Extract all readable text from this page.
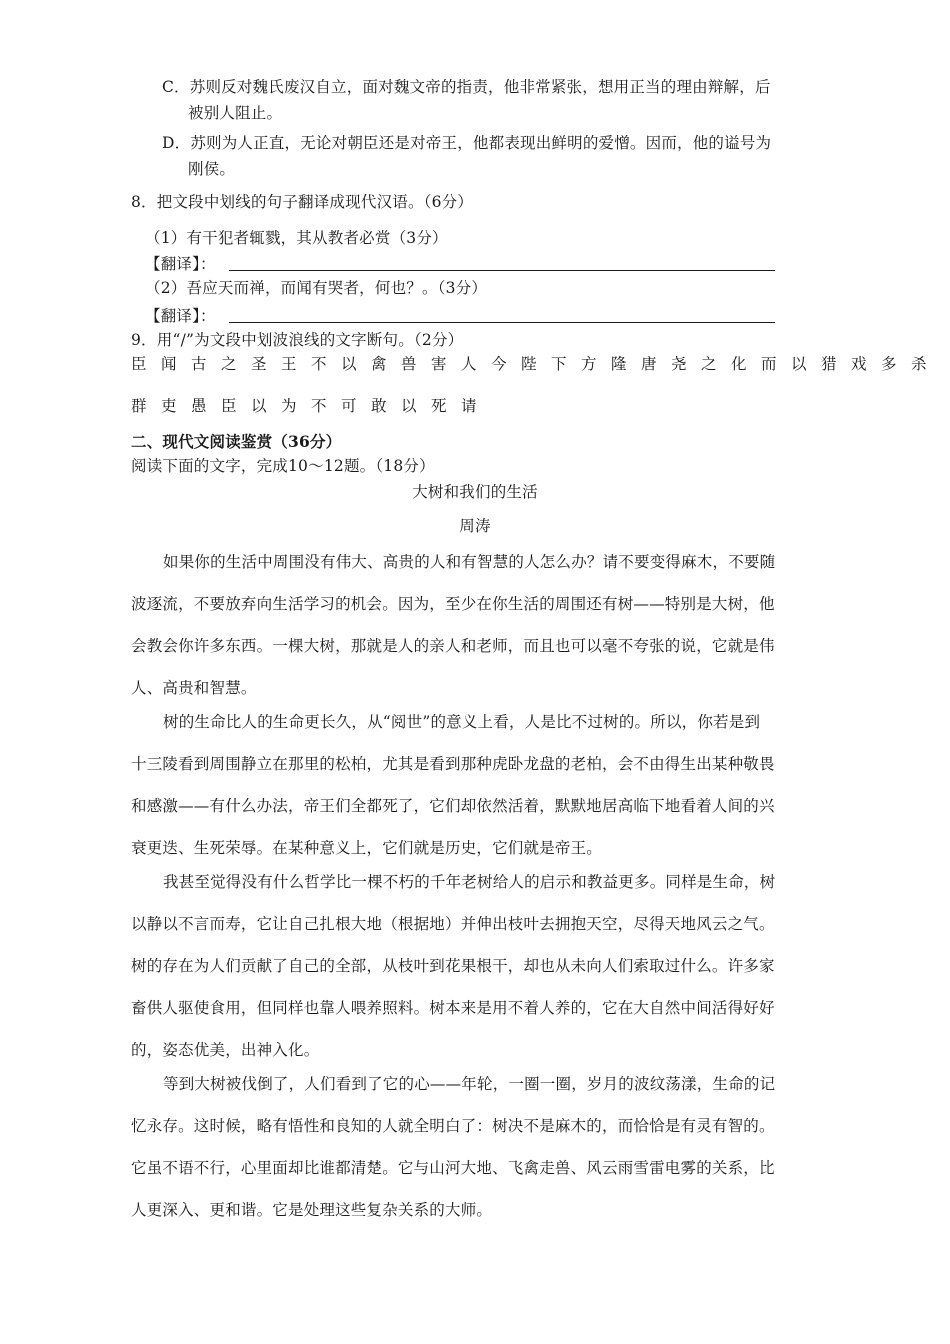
C．苏则反对魏氏废汉自立，面对魏文帝的指责，他非常紧张，想用正当的理由辩解，后
被别人阻止。
D．苏则为人正直，无论对朝臣还是对帝王，他都表现出鲜明的爱憎。因而，他的谥号为
刚侯。
8．把文段中划线的句子翻译成现代汉语。（6分）
（1）有干犯者辄戮，其从教者必赏（3分）
【翻译】：
（2）吾应天而禅，而闻有哭者，何也？。（3分）
【翻译】：
9．用“/”为文段中划波浪线的文字断句。（2分）
臣闻古之圣王不以禽兽害人今陛下方隆唐尧之化而以猎戏多杀
群吏愚臣以为不可敢以死请
二、现代文阅读鉴赏（36分）
阅读下面的文字，完成10～12题。（18分）
大树和我们的生活
周涛
如果你的生活中周围没有伟大、高贵的人和有智慧的人怎么办？请不要变得麻木，不要随
波逐流，不要放弃向生活学习的机会。因为，至少在你生活的周围还有树——特别是大树，他
会教会你许多东西。一棵大树，那就是人的亲人和老师，而且也可以毫不夸张的说，它就是伟
人、高贵和智慧。
树的生命比人的生命更长久，从“阅世”的意义上看，人是比不过树的。所以，你若是到
十三陵看到周围静立在那里的松柏，尤其是看到那种虎卧龙盘的老柏，会不由得生出某种敬畏
和感激——有什么办法，帝王们全都死了，它们却依然活着，默默地居高临下地看着人间的兴
衰更迭、生死荣辱。在某种意义上，它们就是历史，它们就是帝王。
我甚至觉得没有什么哲学比一棵不朽的千年老树给人的启示和教益更多。同样是生命，树
以静以不言而寿，它让自己扎根大地（根据地）并伸出枝叶去拥抱天空，尽得天地风云之气。
树的存在为人们贡献了自己的全部，从枝叶到花果根干，却也从未向人们索取过什么。许多家
畜供人驱使食用，但同样也靠人喂养照料。树本来是用不着人养的，它在大自然中间活得好好
的，姿态优美，出神入化。
等到大树被伐倒了，人们看到了它的心——年轮，一圈一圈，岁月的波纹荡漾，生命的记
忆永存。这时候，略有悟性和良知的人就全明白了：树决不是麻木的，而恰恰是有灵有智的。
它虽不语不行，心里面却比谁都清楚。它与山河大地、飞禽走兽、风云雨雪雷电雾的关系，比
人更深入、更和谐。它是处理这些复杂关系的大师。
